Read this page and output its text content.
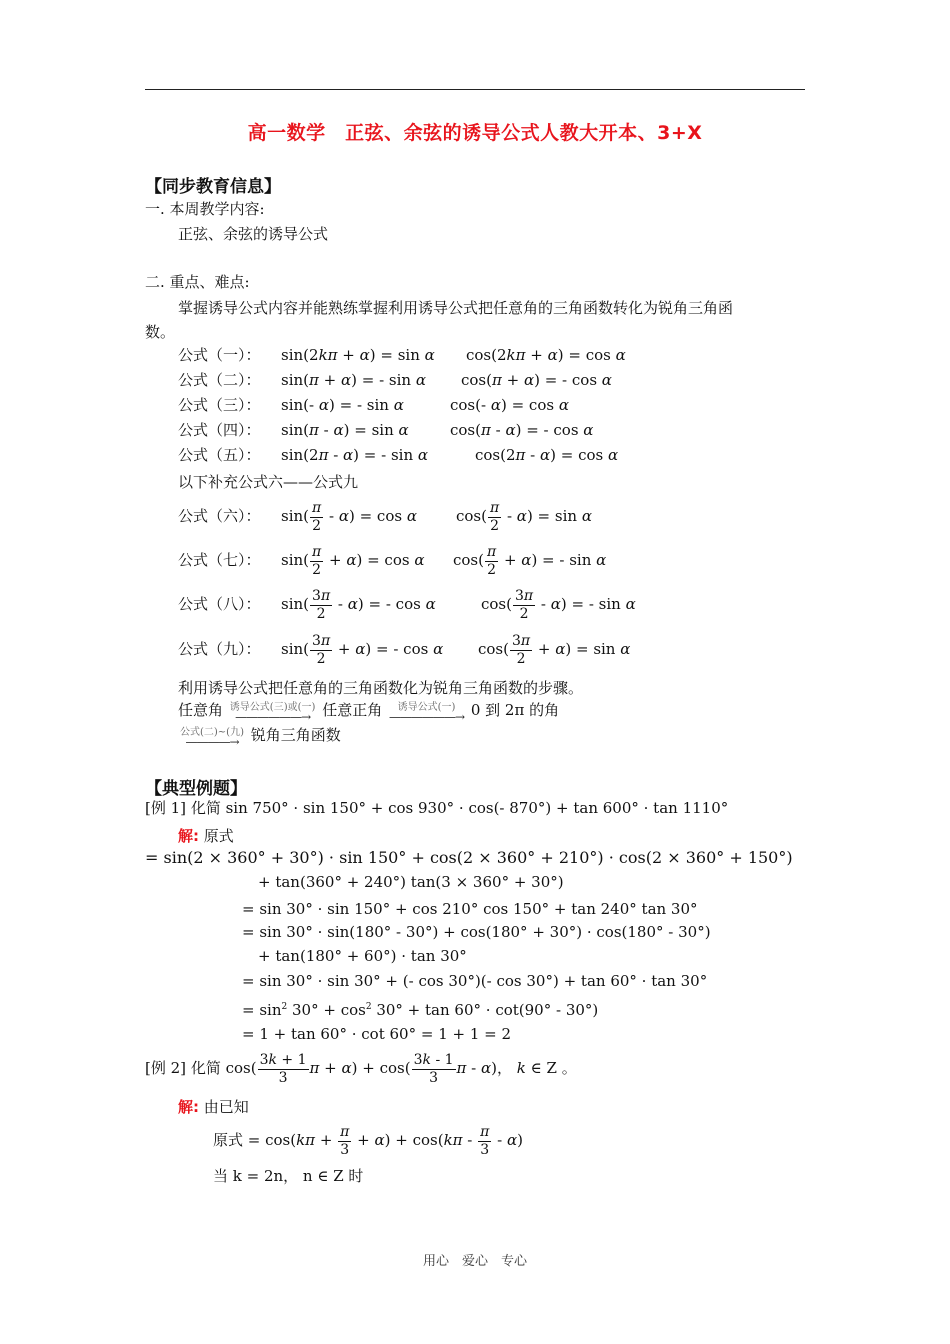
高一数学　正弦、余弦的诱导公式人教大开本、3+X
【同步教育信息】
一. 本周教学内容:
正弦、余弦的诱导公式
二. 重点、难点:
掌握诱导公式内容并能熟练掌握利用诱导公式把任意角的三角函数转化为锐角三角函
数。
公式（一）： sin(2kπ + α) = sin α cos(2kπ + α) = cos α
公式（二）： sin(π + α) = - sin α cos(π + α) = - cos α
公式（三）： sin(- α) = - sin α	cos(- α) = cos α
公式（四）： sin(π - α) = sin α	cos(π - α) = - cos α
公式（五）： sin(2π - α) = - sin α	cos(2π - α) = cos α
以下补充公式六——公式九
公式（六）： $\sin( \frac{\pi}{2} - \alpha) = \cos \alpha$	$\cos( \frac{\pi}{2} - \alpha) = \sin \alpha$
公式（七）： $\sin( \frac{\pi}{2} + \alpha) = \cos \alpha$ $\cos( \frac{\pi}{2} + \alpha)$ = - sin α
公式（八）： $\sin( \frac{3\pi}{2} - \alpha)$ = - cos α	$\cos( \frac{3\pi}{2} - \alpha)$ = - sin α
公式（九）： $\sin( \frac{3\pi}{2} + \alpha)$ = - cos α $\cos( \frac{3\pi}{2} + \alpha) = \sin \alpha$
利用诱导公式把任意角的三角函数化为锐角三角函数的步骤。
任意角 诱导公式(三)或(一)
——————→ 任意正角 诱导公式(一)
——————→ 0 到 2π 的角
公式(二)~(九)
————→ 锐角三角函数
【典型例题】
[例 1] 化简 sin 750° · sin 150° + cos 930° · cos(- 870°) + tan 600° · tan 1110°
解: 原式
= sin(2 × 360° + 30°) · sin 150° + cos(2 × 360° + 210°) · cos(2 × 360° + 150°)
+ tan(360° + 240°) tan(3 × 360° + 30°)
= sin 30° · sin 150° + cos 210° cos 150° + tan 240° tan 30°
= sin 30° · sin(180° - 30°) + cos(180° + 30°) · cos(180° - 30°)
+ tan(180° + 60°) · tan 30°
= sin 30° · sin 30° + (- cos 30°)(- cos 30°) + tan 60° · tan 30°
= $\sin^2 30^\circ + \cos^2 30^\circ + \tan 60^\circ \cdot \cot(90^\circ - 30^\circ)$
= 1 + tan 60° · cot 60° = 1 + 1 = 2
[例 2] 化简 $\cos( \frac{3k + 1}{3}$ $\pi + \alpha) + \cos( \frac{3k - 1}{3}$ π - α)， k ∈ Z 。
解: 由已知
原式 = $\cos(k\pi + \frac{\pi}{3} + \alpha) + \cos(k\pi - \frac{\pi}{3} - \alpha)$
当 k = 2n， n ∈ Z 时
用心　爱心　专心
